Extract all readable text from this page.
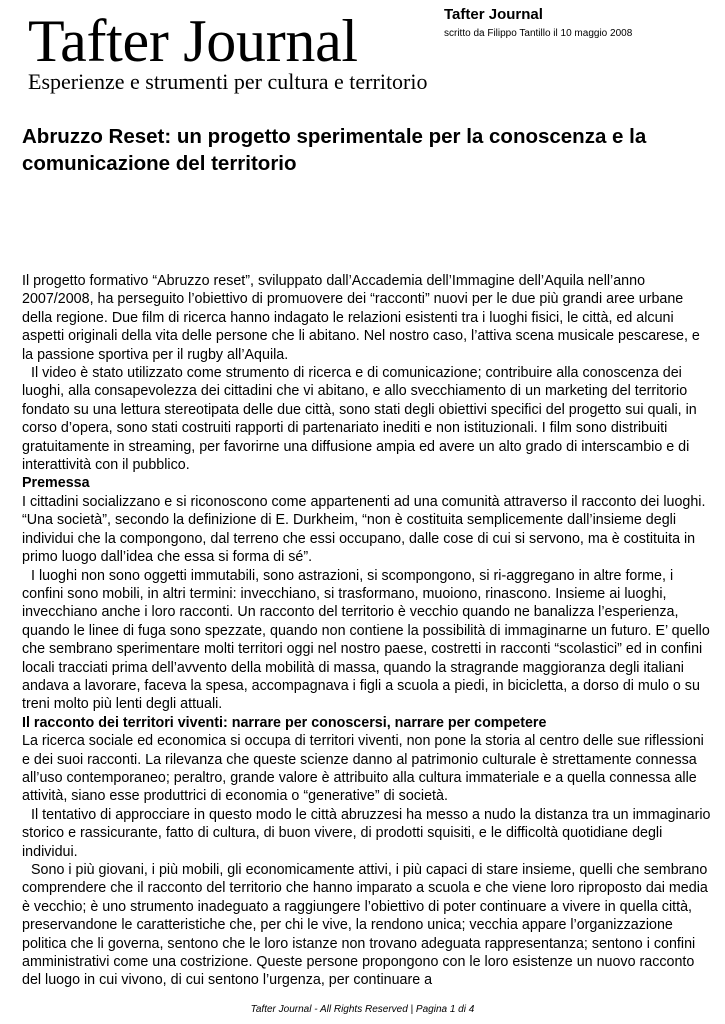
Tafter Journal
Esperienze e strumenti per cultura e territorio
Tafter Journal
scritto da Filippo Tantillo il 10 maggio 2008
Abruzzo Reset: un progetto sperimentale per la conoscenza e la comunicazione del territorio

Il progetto formativo “Abruzzo reset”, sviluppato dall’Accademia dell’Immagine dell’Aquila nell’anno 2007/2008, ha perseguito l’obiettivo di promuovere dei “racconti” nuovi per le due più grandi aree urbane della regione. Due film di ricerca hanno indagato le relazioni esistenti tra i luoghi fisici, le città, ed alcuni aspetti originali della vita delle persone che li abitano. Nel nostro caso, l’attiva scena musicale pescarese, e la passione sportiva per il rugby all’Aquila.

Il video è stato utilizzato come strumento di ricerca e di comunicazione; contribuire alla conoscenza dei luoghi, alla consapevolezza dei cittadini che vi abitano, e allo svecchiamento di un marketing del territorio fondato su una lettura stereotipata delle due città, sono stati degli obiettivi specifici del progetto sui quali, in corso d’opera, sono stati costruiti rapporti di partenariato inediti e non istituzionali. I film sono distribuiti gratuitamente in streaming, per favorirne una diffusione ampia ed avere un alto grado di interscambio e di interattività con il pubblico.

Premessa

I cittadini socializzano e si riconoscono come appartenenti ad una comunità attraverso il racconto dei luoghi. “Una società”, secondo la definizione di E. Durkheim, “non è costituita semplicemente dall’insieme degli individui che la compongono, dal terreno che essi occupano, dalle cose di cui si servono, ma è costituita in primo luogo dall’idea che essa si forma di sé”.

I luoghi non sono oggetti immutabili, sono astrazioni, si scompongono, si ri-aggregano in altre forme, i confini sono mobili, in altri termini: invecchiano, si trasformano, muoiono, rinascono. Insieme ai luoghi, invecchiano anche i loro racconti. Un racconto del territorio è vecchio quando ne banalizza l’esperienza, quando le linee di fuga sono spezzate, quando non contiene la possibilità di immaginarne un futuro. E’ quello che sembrano sperimentare molti territori oggi nel nostro paese, costretti in racconti “scolastici” ed in confini locali tracciati prima dell’avvento della mobilità di massa, quando la stragrande maggioranza degli italiani andava a lavorare, faceva la spesa, accompagnava i figli a scuola a piedi, in bicicletta, a dorso di mulo o su treni molto più lenti degli attuali.

Il racconto dei territori viventi: narrare per conoscersi, narrare per competere

La ricerca sociale ed economica si occupa di territori viventi, non pone la storia al centro delle sue riflessioni e dei suoi racconti. La rilevanza che queste scienze danno al patrimonio culturale è strettamente connessa all’uso contemporaneo; peraltro, grande valore è attribuito alla cultura immateriale e a quella connessa alle attività, siano esse produttrici di economia o “generative” di società.

Il tentativo di approcciare in questo modo le città abruzzesi ha messo a nudo la distanza tra un immaginario storico e rassicurante, fatto di cultura, di buon vivere, di prodotti squisiti, e le difficoltà quotidiane degli individui.

Sono i più giovani, i più mobili, gli economicamente attivi, i più capaci di stare insieme, quelli che sembrano comprendere che il racconto del territorio che hanno imparato a scuola e che viene loro riproposto dai media è vecchio; è uno strumento inadeguato a raggiungere l’obiettivo di poter continuare a vivere in quella città, preservandone le caratteristiche che, per chi le vive, la rendono unica; vecchia appare l’organizzazione politica che li governa, sentono che le loro istanze non trovano adeguata rappresentanza; sentono i confini amministrativi come una costrizione. Queste persone propongono con le loro esistenze un nuovo racconto del luogo in cui vivono, di cui sentono l’urgenza, per continuare a

Tafter Journal - All Rights Reserved | Pagina 1 di 4
